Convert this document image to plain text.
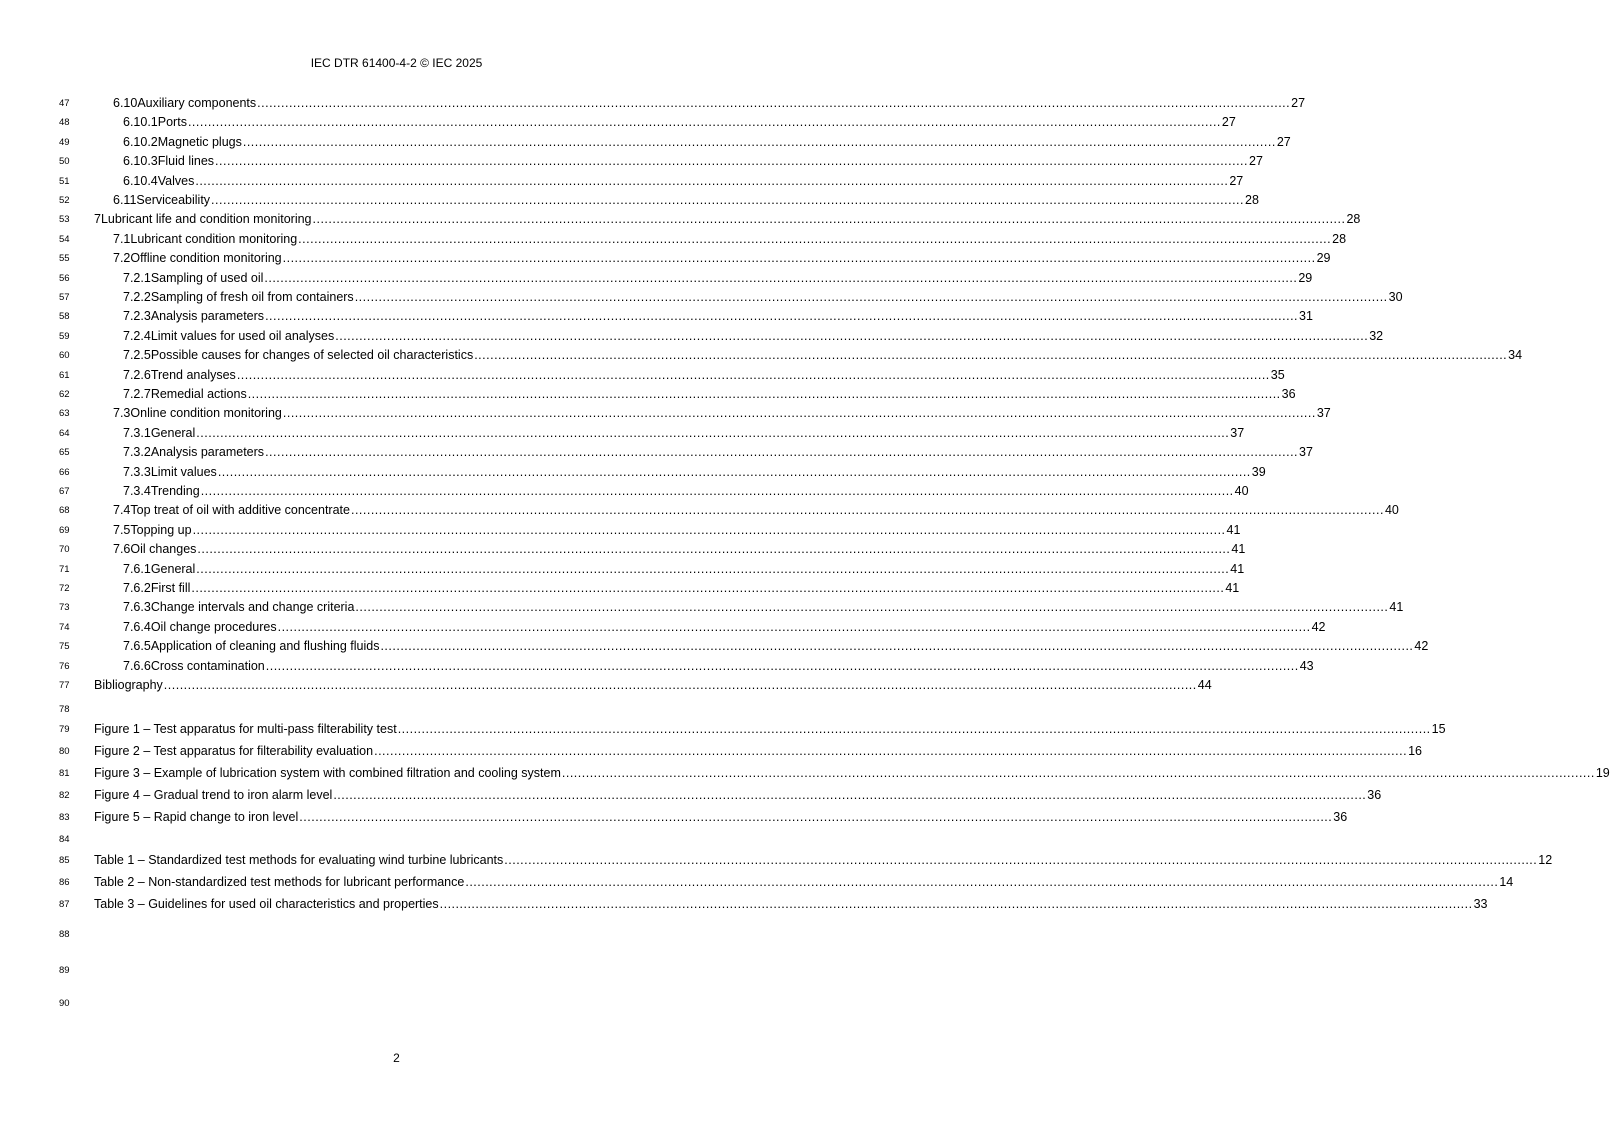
IEC DTR 61400-4-2 © IEC 2025
47	6.10 Auxiliary components .................................................................................................................................................................................................................................................................... 27
48	6.10.1 Ports .................................................................................................................................................................................................................................................................... 27
49	6.10.2 Magnetic plugs .................................................................................................................................................................................................................................................................... 27
50	6.10.3 Fluid lines .................................................................................................................................................................................................................................................................... 27
51	6.10.4 Valves .................................................................................................................................................................................................................................................................... 27
52	6.11 Serviceability .................................................................................................................................................................................................................................................................... 28
53 7 Lubricant life and condition monitoring .................................................................................................................................................................................................................................................................... 28
54	7.1 Lubricant condition monitoring .................................................................................................................................................................................................................................................................... 28
55	7.2 Offline condition monitoring .................................................................................................................................................................................................................................................................... 29
56	7.2.1 Sampling of used oil .................................................................................................................................................................................................................................................................... 29
57	7.2.2 Sampling of fresh oil from containers .................................................................................................................................................................................................................................................................... 30
58	7.2.3 Analysis parameters .................................................................................................................................................................................................................................................................... 31
59	7.2.4 Limit values for used oil analyses .................................................................................................................................................................................................................................................................... 32
60	7.2.5 Possible causes for changes of selected oil characteristics .................................................................................................................................................................................................................................................................... 34
61	7.2.6 Trend analyses .................................................................................................................................................................................................................................................................... 35
62	7.2.7 Remedial actions .................................................................................................................................................................................................................................................................... 36
63	7.3 Online condition monitoring .................................................................................................................................................................................................................................................................... 37
64	7.3.1 General .................................................................................................................................................................................................................................................................... 37
65	7.3.2 Analysis parameters .................................................................................................................................................................................................................................................................... 37
66	7.3.3 Limit values .................................................................................................................................................................................................................................................................... 39
67	7.3.4 Trending .................................................................................................................................................................................................................................................................... 40
68	7.4 Top treat of oil with additive concentrate .................................................................................................................................................................................................................................................................... 40
69	7.5 Topping up .................................................................................................................................................................................................................................................................... 41
70	7.6 Oil changes .................................................................................................................................................................................................................................................................... 41
71	7.6.1 General .................................................................................................................................................................................................................................................................... 41
72	7.6.2 First fill .................................................................................................................................................................................................................................................................... 41
73	7.6.3 Change intervals and change criteria .................................................................................................................................................................................................................................................................... 41
74	7.6.4 Oil change procedures .................................................................................................................................................................................................................................................................... 42
75	7.6.5 Application of cleaning and flushing fluids .................................................................................................................................................................................................................................................................... 42
76	7.6.6 Cross contamination .................................................................................................................................................................................................................................................................... 43
77 Bibliography .................................................................................................................................................................................................................................................................... 44
78
84
88
89
90
79 Figure 1 – Test apparatus for multi-pass filterability test .................................................................................................................................................................................................................................................................... 15
80 Figure 2 – Test apparatus for filterability evaluation .................................................................................................................................................................................................................................................................... 16
81 Figure 3 – Example of lubrication system with combined filtration and cooling system .................................................................................................................................................................................................................................................................... 19
82 Figure 4 – Gradual trend to iron alarm level .................................................................................................................................................................................................................................................................... 36
83 Figure 5 – Rapid change to iron level .................................................................................................................................................................................................................................................................... 36
85 Table 1 – Standardized test methods for evaluating wind turbine lubricants .................................................................................................................................................................................................................................................................... 12
86 Table 2 – Non-standardized test methods for lubricant performance .................................................................................................................................................................................................................................................................... 14
87 Table 3 – Guidelines for used oil characteristics and properties .................................................................................................................................................................................................................................................................... 33
2
